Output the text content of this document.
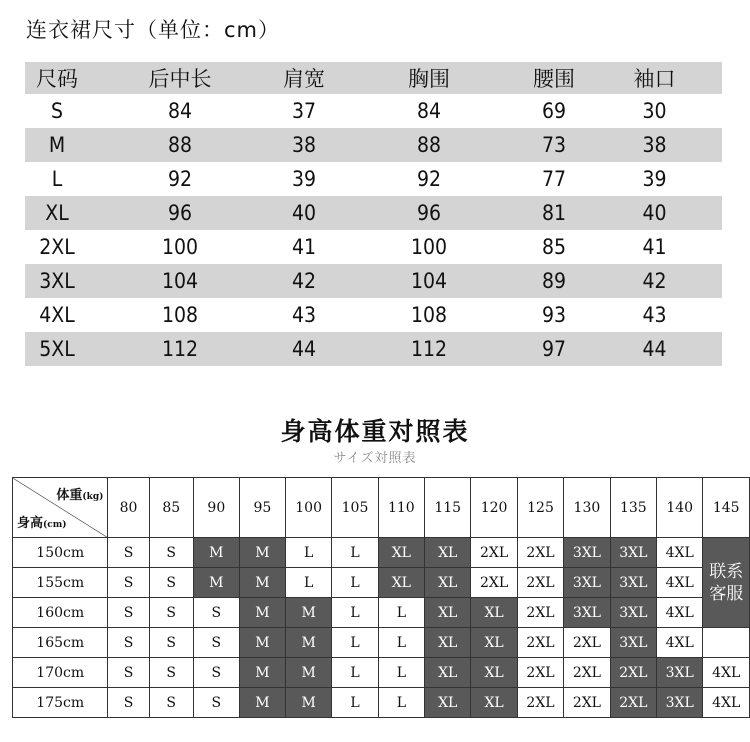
连衣裙尺寸（单位：cm）
尺码	后中长	肩宽	胸围	腰围	袖口
S	84	37	84	69	30
M	88	38	88	73	38
L	92	39	92	77	39
XL	96	40	96	81	40
2XL	100	41	100	85	41
3XL	104	42	104	89	42
4XL	108	43	108	93	43
5XL	112	44	112	97	44
身高体重对照表
サイズ対照表
体重(kg)
身高(cm)	80	85	90	95	100	105	110	115	120	125	130	135	140	145
150cm	S	S	M	M	L	L	XL	XL	2XL	2XL	3XL	3XL	4XL	联系
客服

155cm	S	S	M	M	L	L	XL	XL	2XL	2XL	3XL	3XL	4XL	
160cm	S	S	S	M	M	L	L	XL	XL	2XL	3XL	3XL	4XL	
165cm	S	S	S	M	M	L	L	XL	XL	2XL	2XL	3XL	4XL	
170cm	S	S	S	M	M	L	L	XL	XL	2XL	2XL	2XL	3XL	4XL
175cm	S	S	S	M	M	L	L	XL	XL	2XL	2XL	2XL	3XL	4XL
